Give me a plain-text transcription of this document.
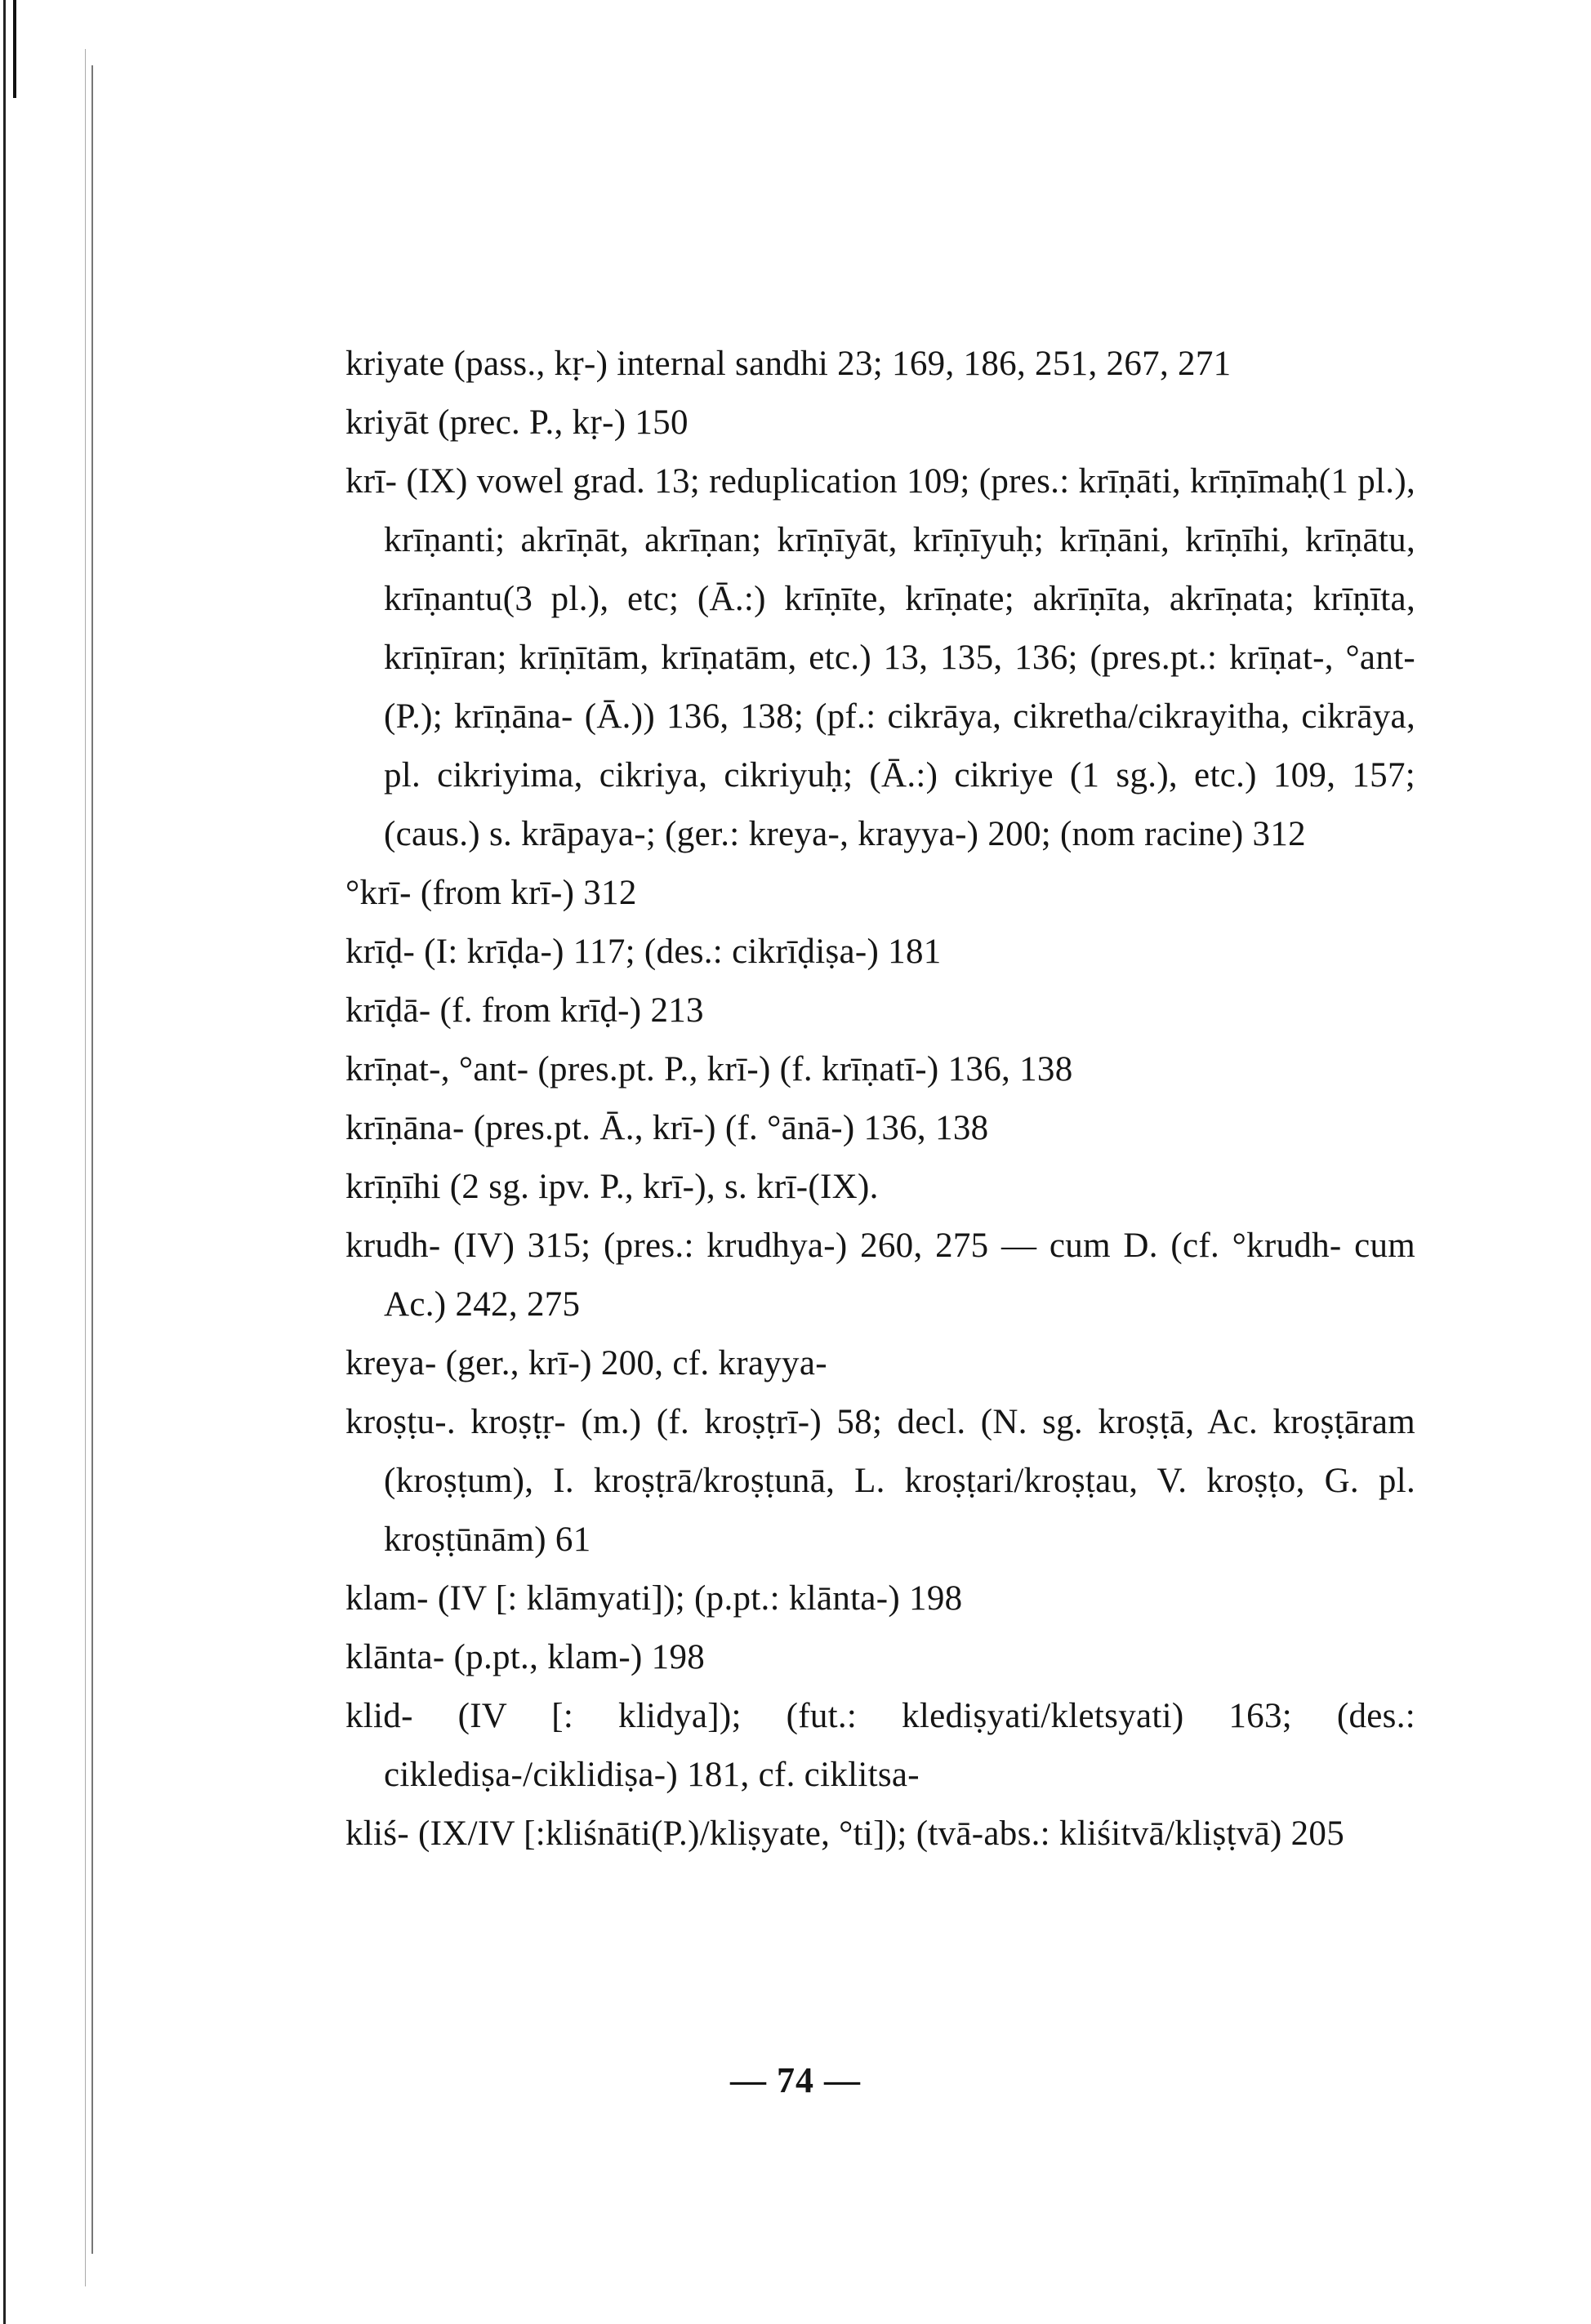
kriyate (pass., kṛ-) internal sandhi 23; 169, 186, 251, 267, 271

kriyāt (prec. P., kṛ-) 150

krī- (IX) vowel grad. 13; reduplication 109; (pres.: krīṇāti, krīṇīmaḥ(1 pl.), krīṇanti; akrīṇāt, akrīṇan; krīṇīyāt, krīṇīyuḥ; krīṇāni, krīṇīhi, krīṇātu, krīṇantu(3 pl.), etc; (Ā.:) krīṇīte, krīṇate; akrīṇīta, akrīṇata; krīṇīta, krīṇīran; krīṇītām, krīṇatām, etc.) 13, 135, 136; (pres.pt.: krīṇat-, °ant- (P.); krīṇāna- (Ā.)) 136, 138; (pf.: cikrāya, cikretha/cikrayitha, cikrāya, pl. cikriyima, cikriya, cikriyuḥ; (Ā.:) cikriye (1 sg.), etc.) 109, 157; (caus.) s. krāpaya-; (ger.: kreya-, krayya-) 200; (nom racine) 312

°krī- (from krī-) 312

krīḍ- (I: krīḍa-) 117; (des.: cikrīḍiṣa-) 181

krīḍā- (f. from krīḍ-) 213

krīṇat-, °ant- (pres.pt. P., krī-) (f. krīṇatī-) 136, 138

krīṇāna- (pres.pt. Ā., krī-) (f. °ānā-) 136, 138

krīṇīhi (2 sg. ipv. P., krī-), s. krī-(IX).

krudh- (IV) 315; (pres.: krudhya-) 260, 275 — cum D. (cf. °krudh- cum Ac.) 242, 275

kreya- (ger., krī-) 200, cf. krayya-

kroṣṭu-. kroṣṭṛ- (m.) (f. kroṣṭrī-) 58; decl. (N. sg. kroṣṭā, Ac. kroṣṭāram (kroṣṭum), I. kroṣṭrā/kroṣṭunā, L. kroṣṭari/kroṣṭau, V. kroṣṭo, G. pl. kroṣṭūnām) 61

klam- (IV [: klāmyati]); (p.pt.: klānta-) 198

klānta- (p.pt., klam-) 198

klid- (IV [: klidya]); (fut.: klediṣyati/kletsyati) 163; (des.: ciklediṣa-/ciklidiṣa-) 181, cf. ciklitsa-

kliś- (IX/IV [:kliśnāti(P.)/kliṣyate, °ti]); (tvā-abs.: kliśitvā/kliṣṭvā) 205

— 74 —
